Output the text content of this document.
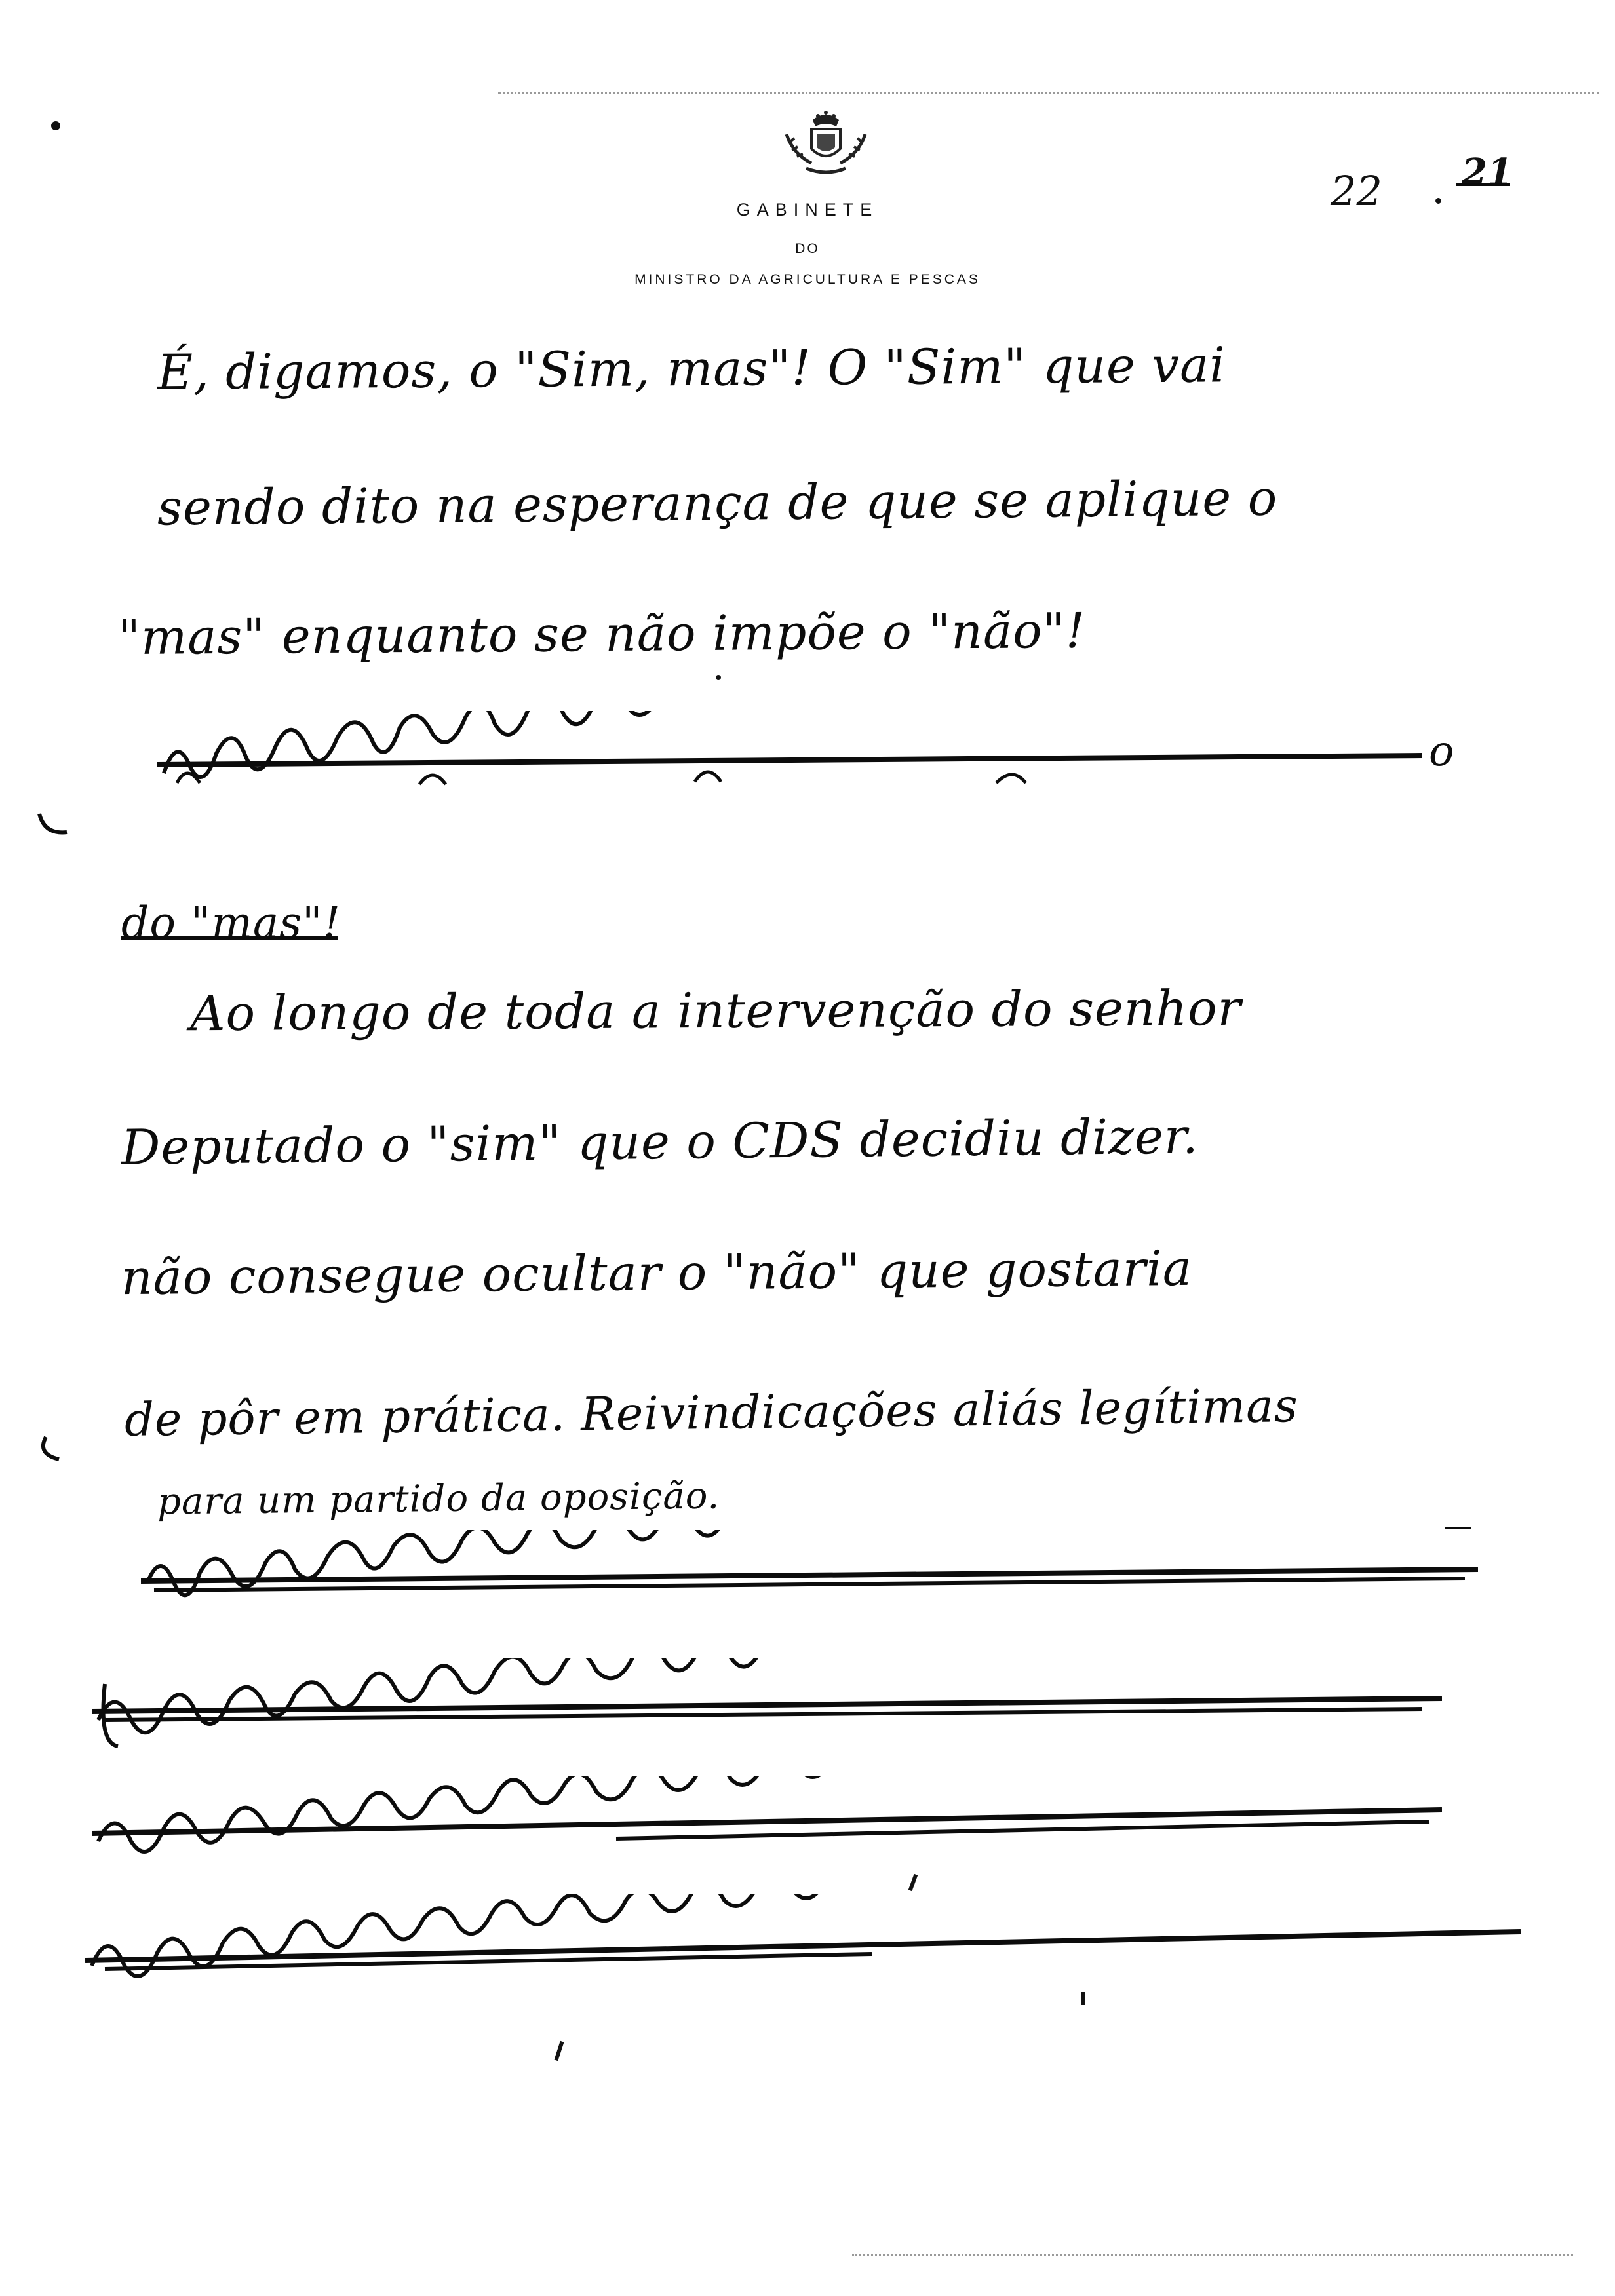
GABINETE
DO
MINISTRO DA AGRICULTURA E PESCAS
22 21
É, digamos, o "Sim, mas"! O "Sim" que vai
sendo dito na esperança de que se aplique o
"mas" enquanto se não impõe o "não"!
o
do "mas"!
Ao longo de toda a intervenção do senhor
Deputado o "sim" que o CDS decidiu dizer.
não consegue ocultar o "não" que gostaria
de pôr em prática. Reivindicações aliás legítimas
para um partido da oposição.
